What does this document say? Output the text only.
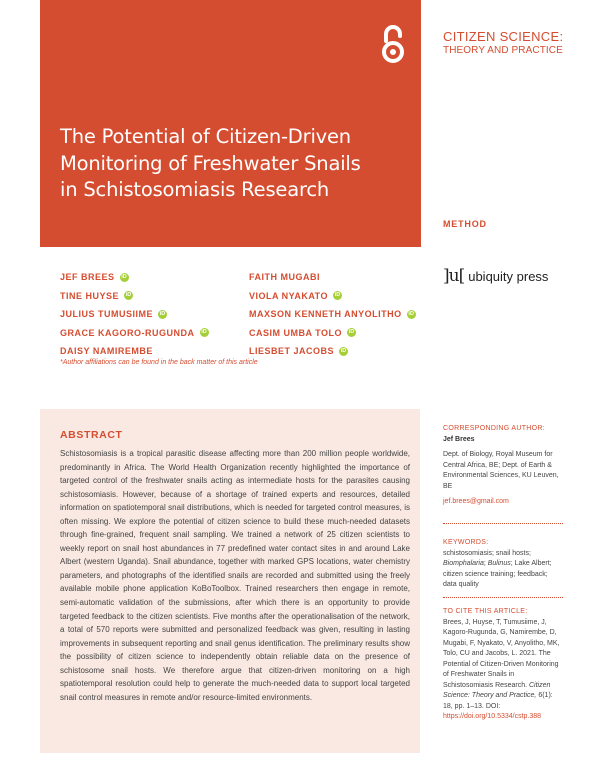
The Potential of Citizen-Driven Monitoring of Freshwater Snails in Schistosomiasis Research
CITIZEN SCIENCE:
THEORY AND PRACTICE
METHOD
]u[ ubiquity press
JEF BREES	iD
TINE HUYSE	iD
JULIUS TUMUSIIME	iD
GRACE KAGORO-RUGUNDA	iD
DAISY NAMIREMBE
FAITH MUGABI
VIOLA NYAKATO	iD
MAXSON KENNETH ANYOLITHO	iD
CASIM UMBA TOLO	iD
LIESBET JACOBS	iD
*Author affiliations can be found in the back matter of this article
ABSTRACT

Schistosomiasis is a tropical parasitic disease affecting more than 200 million people worldwide, predominantly in Africa. The World Health Organization recently highlighted the importance of targeted control of the freshwater snails acting as intermediate hosts for the parasites causing schistosomiasis. However, because of a shortage of trained experts and resources, detailed information on spatiotemporal snail distributions, which is needed for targeted control measures, is often missing. We explore the potential of citizen science to build these much-needed datasets through fine-grained, frequent snail sampling. We trained a network of 25 citizen scientists to weekly report on snail host abundances in 77 predefined water contact sites in and around Lake Albert (western Uganda). Snail abundance, together with marked GPS locations, water chemistry parameters, and photographs of the identified snails are recorded and submitted using the freely available mobile phone application KoBoToolbox. Trained researchers then engage in remote, semi-automatic validation of the submissions, after which there is an opportunity to provide targeted feedback to the citizen scientists. Five months after the operationalisation of the network, a total of 570 reports were submitted and personalized feedback was given, resulting in lasting improvements in subsequent reporting and snail genus identification. The preliminary results show the possibility of citizen science to independently obtain reliable data on the presence of schistosome snail hosts. We therefore argue that citizen-driven monitoring on a high spatiotemporal resolution could help to generate the much-needed data to support local targeted snail control measures in remote and/or resource-limited environments.

CORRESPONDING AUTHOR:
Jef Brees
Dept. of Biology, Royal Museum for Central Africa, BE; Dept. of Earth & Environmental Sciences, KU Leuven, BE
jef.brees@gmail.com
KEYWORDS:
schistosomiasis; snail hosts; Biomphalaria; Bulinus; Lake Albert; citizen science training; feedback; data quality
TO CITE THIS ARTICLE:
Brees, J, Huyse, T, Tumusiime, J, Kagoro-Rugunda, G, Namirembe, D, Mugabi, F, Nyakato, V, Anyolitho, MK, Tolo, CU and Jacobs, L. 2021. The Potential of Citizen-Driven Monitoring of Freshwater Snails in Schistosomiasis Research. Citizen Science: Theory and Practice, 6(1): 18, pp. 1–13. DOI: https://doi.org/10.5334/cstp.388
